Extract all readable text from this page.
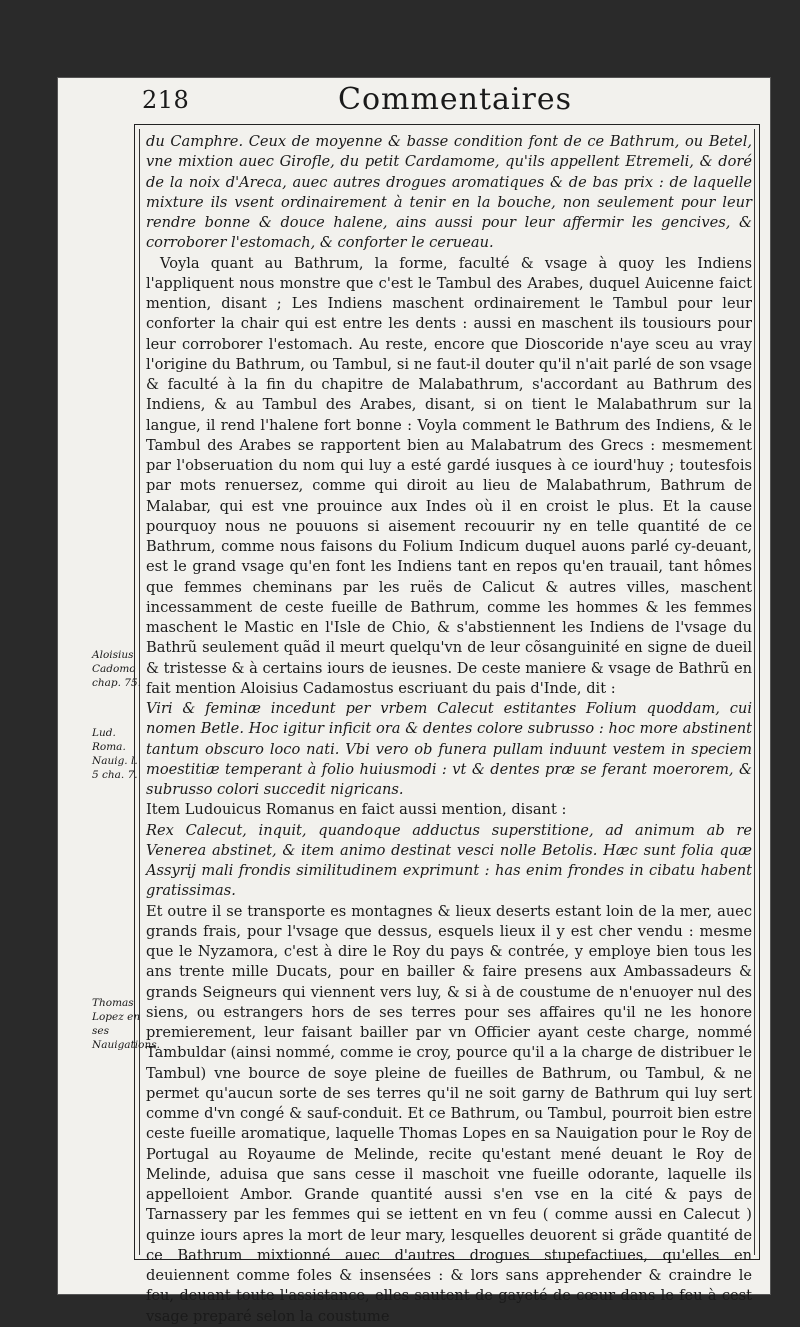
218	Commentaires
Aloisius Cadomo chap. 75.
Lud. Roma. Nauig. l. 5 cha. 7.
Thomas Lopez en ses Nauigations.

du Camphre. Ceux de moyenne & basse condition font de ce Bathrum, ou Betel, vne mixtion auec Girofle, du petit Cardamome, qu'ils appellent Etremeli, & doré de la noix d'Areca, auec autres drogues aromatiques & de bas prix : de laquelle mixture ils vsent ordinairement à tenir en la bouche, non seulement pour leur rendre bonne & douce halene, ains aussi pour leur affermir les gencives, & corroborer l'estomach, & conforter le cerueau.

Voyla quant au Bathrum, la forme, faculté & vsage à quoy les Indiens l'appliquent nous monstre que c'est le Tambul des Arabes, duquel Auicenne faict mention, disant ; Les Indiens maschent ordinairement le Tambul pour leur conforter la chair qui est entre les dents : aussi en maschent ils tousiours pour leur corroborer l'estomach. Au reste, encore que Dioscoride n'aye sceu au vray l'origine du Bathrum, ou Tambul, si ne faut-il douter qu'il n'ait parlé de son vsage & faculté à la fin du chapitre de Malabathrum, s'accordant au Bathrum des Indiens, & au Tambul des Arabes, disant, si on tient le Malabathrum sur la langue, il rend l'halene fort bonne : Voyla comment le Bathrum des Indiens, & le Tambul des Arabes se rapportent bien au Malabatrum des Grecs : mesmement par l'obseruation du nom qui luy a esté gardé iusques à ce iourd'huy ; toutesfois par mots renuersez, comme qui diroit au lieu de Malabathrum, Bathrum de Malabar, qui est vne prouince aux Indes où il en croist le plus. Et la cause pourquoy nous ne pouuons si aisement recouurir ny en telle quantité de ce Bathrum, comme nous faisons du Folium Indicum duquel auons parlé cy-deuant, est le grand vsage qu'en font les Indiens tant en repos qu'en trauail, tant hômes que femmes cheminans par les ruës de Calicut & autres villes, maschent incessamment de ceste fueille de Bathrum, comme les hommes & les femmes maschent le Mastic en l'Isle de Chio, & s'abstiennent les Indiens de l'vsage du Bathrũ seulement quãd il meurt quelqu'vn de leur cõsanguinité en signe de dueil & tristesse & à certains iours de ieusnes. De ceste maniere & vsage de Bathrũ en fait mention Aloisius Cadamostus escriuant du pais d'Inde, dit :

Viri & feminæ incedunt per vrbem Calecut estitantes Folium quoddam, cui nomen Betle. Hoc igitur inficit ora & dentes colore subrusso : hoc more abstinent tantum obscuro loco nati. Vbi vero ob funera pullam induunt vestem in speciem moestitiæ temperant à folio huiusmodi : vt & dentes præ se ferant moerorem, & subrusso colori succedit nigricans.

Item Ludouicus Romanus en faict aussi mention, disant :

Rex Calecut, inquit, quandoque adductus superstitione, ad animum ab re Venerea abstinet, & item animo destinat vesci nolle Betolis. Hæc sunt folia quæ Assyrij mali frondis similitudinem exprimunt : has enim frondes in cibatu habent gratissimas.

Et outre il se transporte es montagnes & lieux deserts estant loin de la mer, auec grands frais, pour l'vsage que dessus, esquels lieux il y est cher vendu : mesme que le Nyzamora, c'est à dire le Roy du pays & contrée, y employe bien tous les ans trente mille Ducats, pour en bailler & faire presens aux Ambassadeurs & grands Seigneurs qui viennent vers luy, & si à de coustume de n'enuoyer nul des siens, ou estrangers hors de ses terres pour ses affaires qu'il ne les honore premierement, leur faisant bailler par vn Officier ayant ceste charge, nommé Tambuldar (ainsi nommé, comme ie croy, pource qu'il a la charge de distribuer le Tambul) vne bource de soye pleine de fueilles de Bathrum, ou Tambul, & ne permet qu'aucun sorte de ses terres qu'il ne soit garny de Bathrum qui luy sert comme d'vn congé & sauf-conduit. Et ce Bathrum, ou Tambul, pourroit bien estre ceste fueille aromatique, laquelle Thomas Lopes en sa Nauigation pour le Roy de Portugal au Royaume de Melinde, recite qu'estant mené deuant le Roy de Melinde, aduisa que sans cesse il maschoit vne fueille odorante, laquelle ils appelloient Ambor. Grande quantité aussi s'en vse en la cité & pays de Tarnassery par les femmes qui se iettent en vn feu ( comme aussi en Calecut ) quinze iours apres la mort de leur mary, lesquelles deuorent si grãde quantité de ce Bathrum mixtionné auec d'autres drogues stupefactiues, qu'elles en deuiennent comme foles & insensées : & lors sans apprehender & craindre le feu, deuant toute l'assistance, elles sautent de gayeté de cœur dans le feu à cest vsage preparé selon la coustume
